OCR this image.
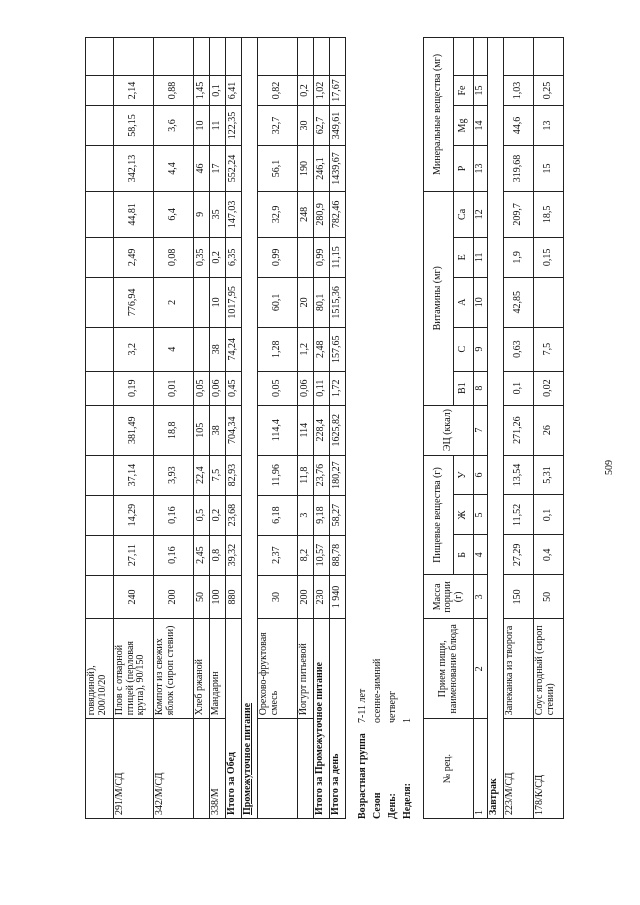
	говядиной), 200/10/20														
291/М/СД	Плов с отварной птицей (перловая крупа), 90/150	240	27,11	14,29	37,14	381,49	0,19	3,2	776,94	2,49	44,81	342,13	58,15	2,14	
342/М/СД	Компот из свежих яблок (сироп стевии)	200	0,16	0,16	3,93	18,8	0,01	4	2	0,08	6,4	4,4	3,6	0,88	
	Хлеб ржаной	50	2,45	0,5	22,4	105	0,05			0,35	9	46	10	1,45	
338/М	Мандарин	100	0,8	0,2	7,5	38	0,06	38	10	0,2	35	17	11	0,1	
Итого за Обед		880	39,32	23,68	82,93	704,34	0,45	74,24	1017,95	6,35	147,03	552,24	122,35	6,41	
Промежуточное питание															
	Орехово-фруктовая смесь	30	2,37	6,18	11,96	114,4	0,05	1,28	60,1	0,99	32,9	56,1	32,7	0,82	
	Йогурт питьевой	200	8,2	3	11,8	114	0,06	1,2	20		248	190	30	0,2	
Итого за Промежуточное питание		230	10,57	9,18	23,76	228,4	0,11	2,48	80,1	0,99	280,9	246,1	62,7	1,02	
Итого за день		1 940	88,78	58,27	180,27	1625,82	1,72	157,65	1515,36	11,15	782,46	1439,67	349,61	17,67	
Возрастная группа
7-11 лет
Сезон
осенне-зимний
День:
четверг
Неделя:
1
№ рец.	Прием пищи, наименование блюда	Масса порции (г)	Пищевые вещества (г)			ЭЦ (ккал)	Витамины (мг)					Минеральные вещества (мг)			
			Б	Ж	У		В1	С	А	Е	Са	Р	Mg	Fe	
1	2	3	4	5	6	7	8	9	10	11	12	13	14	15	
Завтрак															
223/М/СД	Запеканка из творога	150	27,29	11,52	13,54	271,26	0,1	0,63	42,85	1,9	209,7	319,68	44,6	1,03	
178/К/СД	Соус ягодный (сироп стевии)	50	0,4	0,1	5,31	26	0,02	7,5		0,15	18,5	15	13	0,25	
509
